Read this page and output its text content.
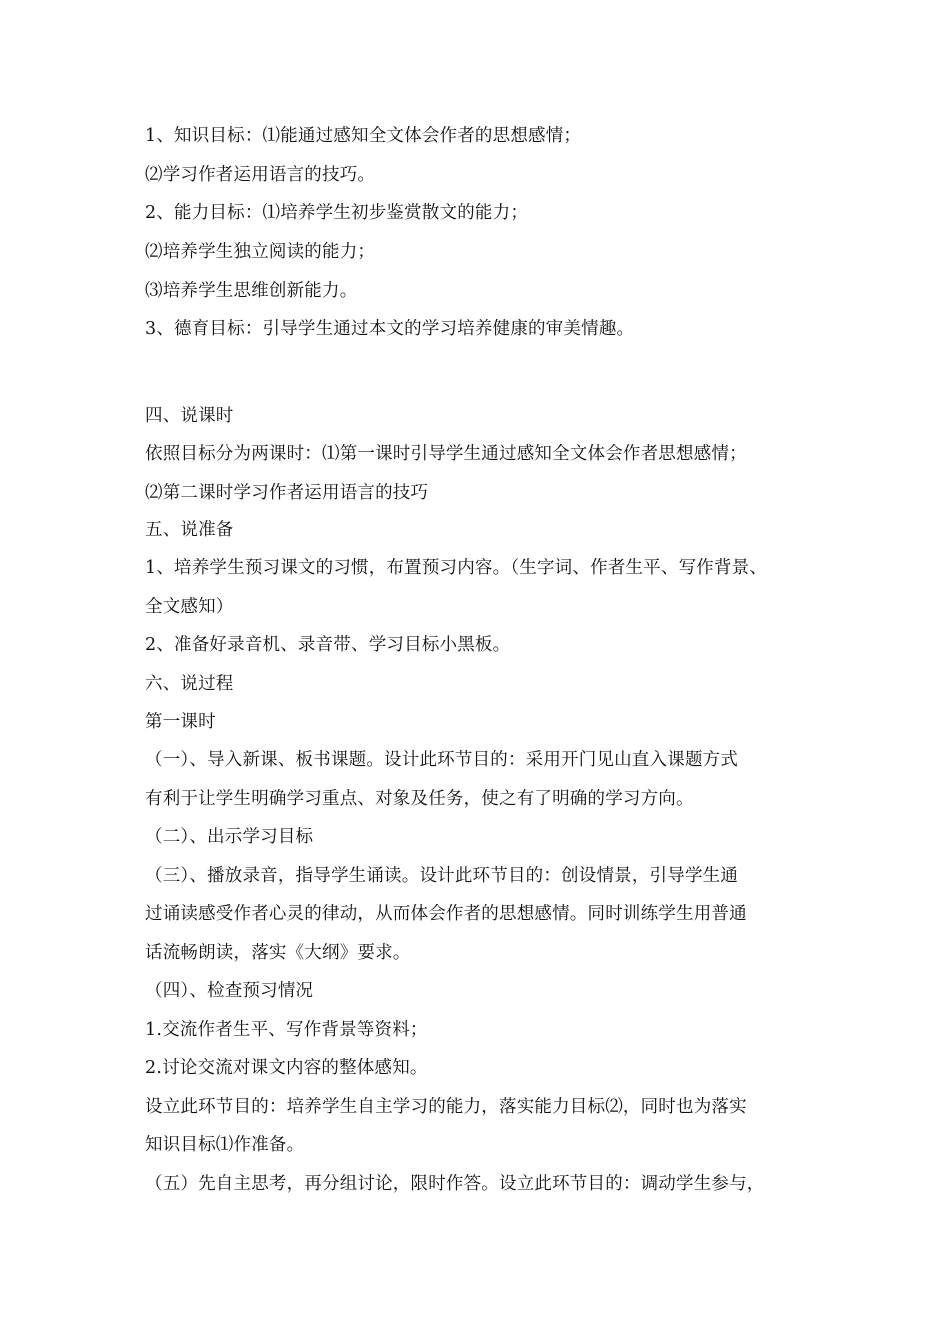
1、知识目标：⑴能通过感知全文体会作者的思想感情；
⑵学习作者运用语言的技巧。
2、能力目标：⑴培养学生初步鉴赏散文的能力；
⑵培养学生独立阅读的能力；
⑶培养学生思维创新能力。
3、德育目标：引导学生通过本文的学习培养健康的审美情趣。
四、说课时
依照目标分为两课时：⑴第一课时引导学生通过感知全文体会作者思想感情；
⑵第二课时学习作者运用语言的技巧
五、说准备
1、培养学生预习课文的习惯，布置预习内容。（生字词、作者生平、写作背景、
全文感知）
2、准备好录音机、录音带、学习目标小黑板。
六、说过程
第一课时
（一）、导入新课、板书课题。设计此环节目的：采用开门见山直入课题方式
有利于让学生明确学习重点、对象及任务，使之有了明确的学习方向。
（二）、出示学习目标
（三）、播放录音，指导学生诵读。设计此环节目的：创设情景，引导学生通
过诵读感受作者心灵的律动，从而体会作者的思想感情。同时训练学生用普通
话流畅朗读，落实《大纲》要求。
（四）、检查预习情况
1.交流作者生平、写作背景等资料；
2.讨论交流对课文内容的整体感知。
设立此环节目的：培养学生自主学习的能力，落实能力目标⑵，同时也为落实
知识目标⑴作准备。
（五）先自主思考，再分组讨论，限时作答。设立此环节目的：调动学生参与，
